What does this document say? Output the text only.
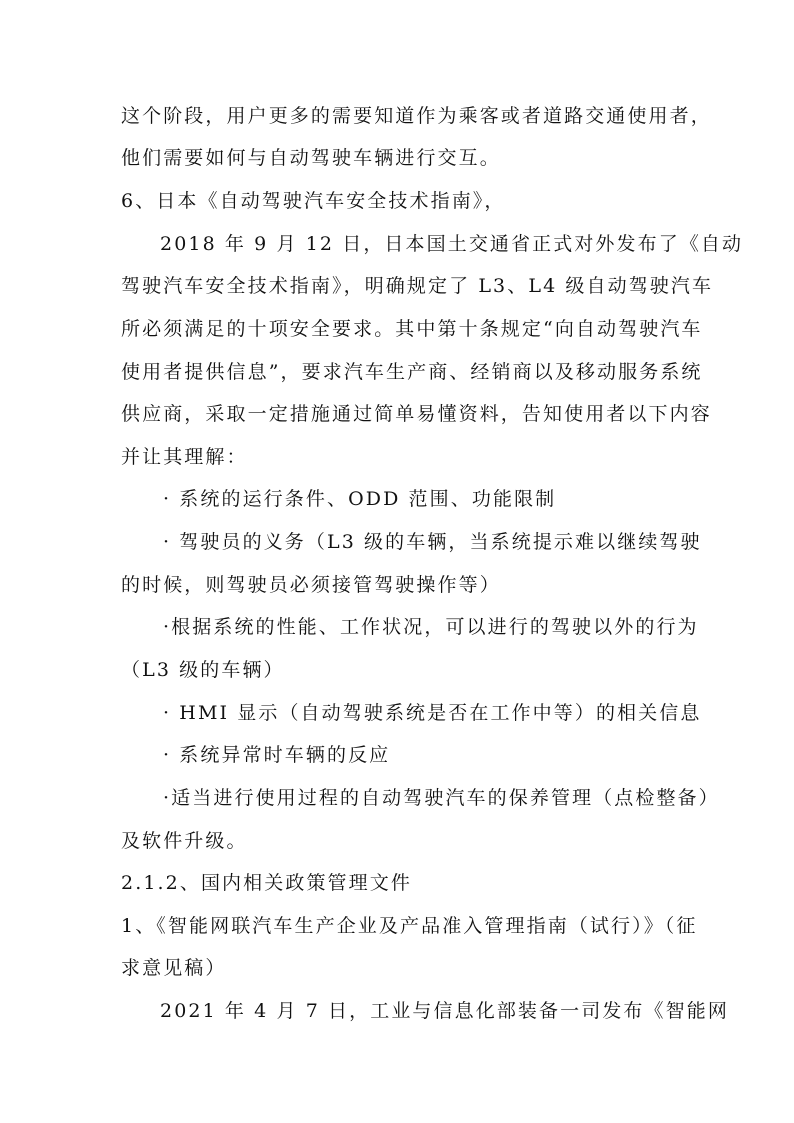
这个阶段，用户更多的需要知道作为乘客或者道路交通使用者，
他们需要如何与自动驾驶车辆进行交互。
6、日本《自动驾驶汽车安全技术指南》，
2018 年 9 月 12 日，日本国土交通省正式对外发布了《自动
驾驶汽车安全技术指南》，明确规定了 L3、L4 级自动驾驶汽车
所必须满足的十项安全要求。其中第十条规定“向自动驾驶汽车
使用者提供信息”，要求汽车生产商、经销商以及移动服务系统
供应商，采取一定措施通过简单易懂资料，告知使用者以下内容
并让其理解：
· 系统的运行条件、ODD 范围、功能限制
· 驾驶员的义务（L3 级的车辆，当系统提示难以继续驾驶
的时候，则驾驶员必须接管驾驶操作等）
·根据系统的性能、工作状况，可以进行的驾驶以外的行为
（L3 级的车辆）
· HMI 显示（自动驾驶系统是否在工作中等）的相关信息
· 系统异常时车辆的反应
·适当进行使用过程的自动驾驶汽车的保养管理（点检整备）
及软件升级。
2.1.2、国内相关政策管理文件
1、《智能网联汽车生产企业及产品准入管理指南（试行）》（征
求意见稿）
2021 年 4 月 7 日，工业与信息化部装备一司发布《智能网
